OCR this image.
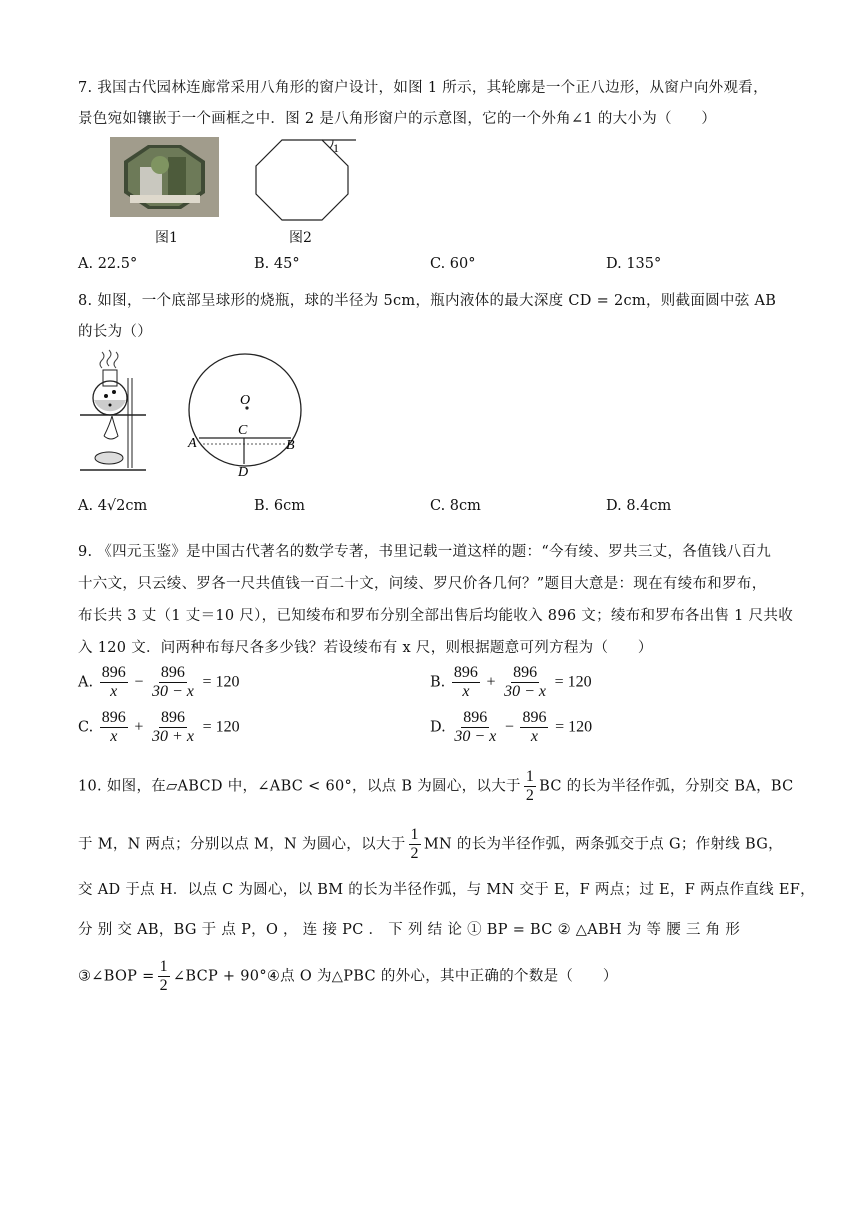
7. 我国古代园林连廊常采用八角形的窗户设计，如图 1 所示，其轮廓是一个正八边形，从窗户向外观看，
景色宛如镶嵌于一个画框之中．图 2 是八角形窗户的示意图，它的一个外角∠1 的大小为（　　）
图1
1
图2
A. 22.5°	B. 45°	C. 60°	D. 135°
8. 如图，一个底部呈球形的烧瓶，球的半径为 5cm，瓶内液体的最大深度 CD = 2cm，则截面圆中弦 AB
的长为（）
O
C
A	B
D
A. 4√2cm	B. 6cm	C. 8cm	D. 8.4cm
9. 《四元玉鉴》是中国古代著名的数学专著，书里记载一道这样的题：“今有绫、罗共三丈，各值钱八百九
十六文，只云绫、罗各一尺共值钱一百二十文，问绫、罗尺价各几何？”题目大意是：现在有绫布和罗布，
布长共 3 丈（1 丈＝10 尺），已知绫布和罗布分别全部出售后均能收入 896 文；绫布和罗布各出售 1 尺共收
入 120 文．问两种布每尺各多少钱？若设绫布有 x 尺，则根据题意可列方程为（　　）
A. $\frac{896}{x} - \frac{896}{30 - x} = 120$	B. $\frac{896}{x} + \frac{896}{30 - x} = 120$
C. $\frac{896}{x} + \frac{896}{30 + x} = 120$	D. $\frac{896}{30 - x} - \frac{896}{x} = 120$
10. 如图，在▱ABCD 中，∠ABC < 60°，以点 B 为圆心，以大于 $\frac{1}{2}$ BC 的长为半径作弧，分别交 BA，BC
于 M，N 两点；分别以点 M，N 为圆心，以大于 $\frac{1}{2}$ MN 的长为半径作弧，两条弧交于点 G；作射线 BG，
交 AD 于点 H．以点 C 为圆心，以 BM 的长为半径作弧，与 MN 交于 E，F 两点；过 E，F 两点作直线 EF，
分 别 交 AB，BG 于 点 P，O ， 连 接 PC ． 下 列 结 论 ① BP = BC ② △ABH 为 等 腰 三 角 形
③∠BOP = $\frac{1}{2}$ ∠BCP + 90°④点 O 为△PBC 的外心，其中正确的个数是（　　）
